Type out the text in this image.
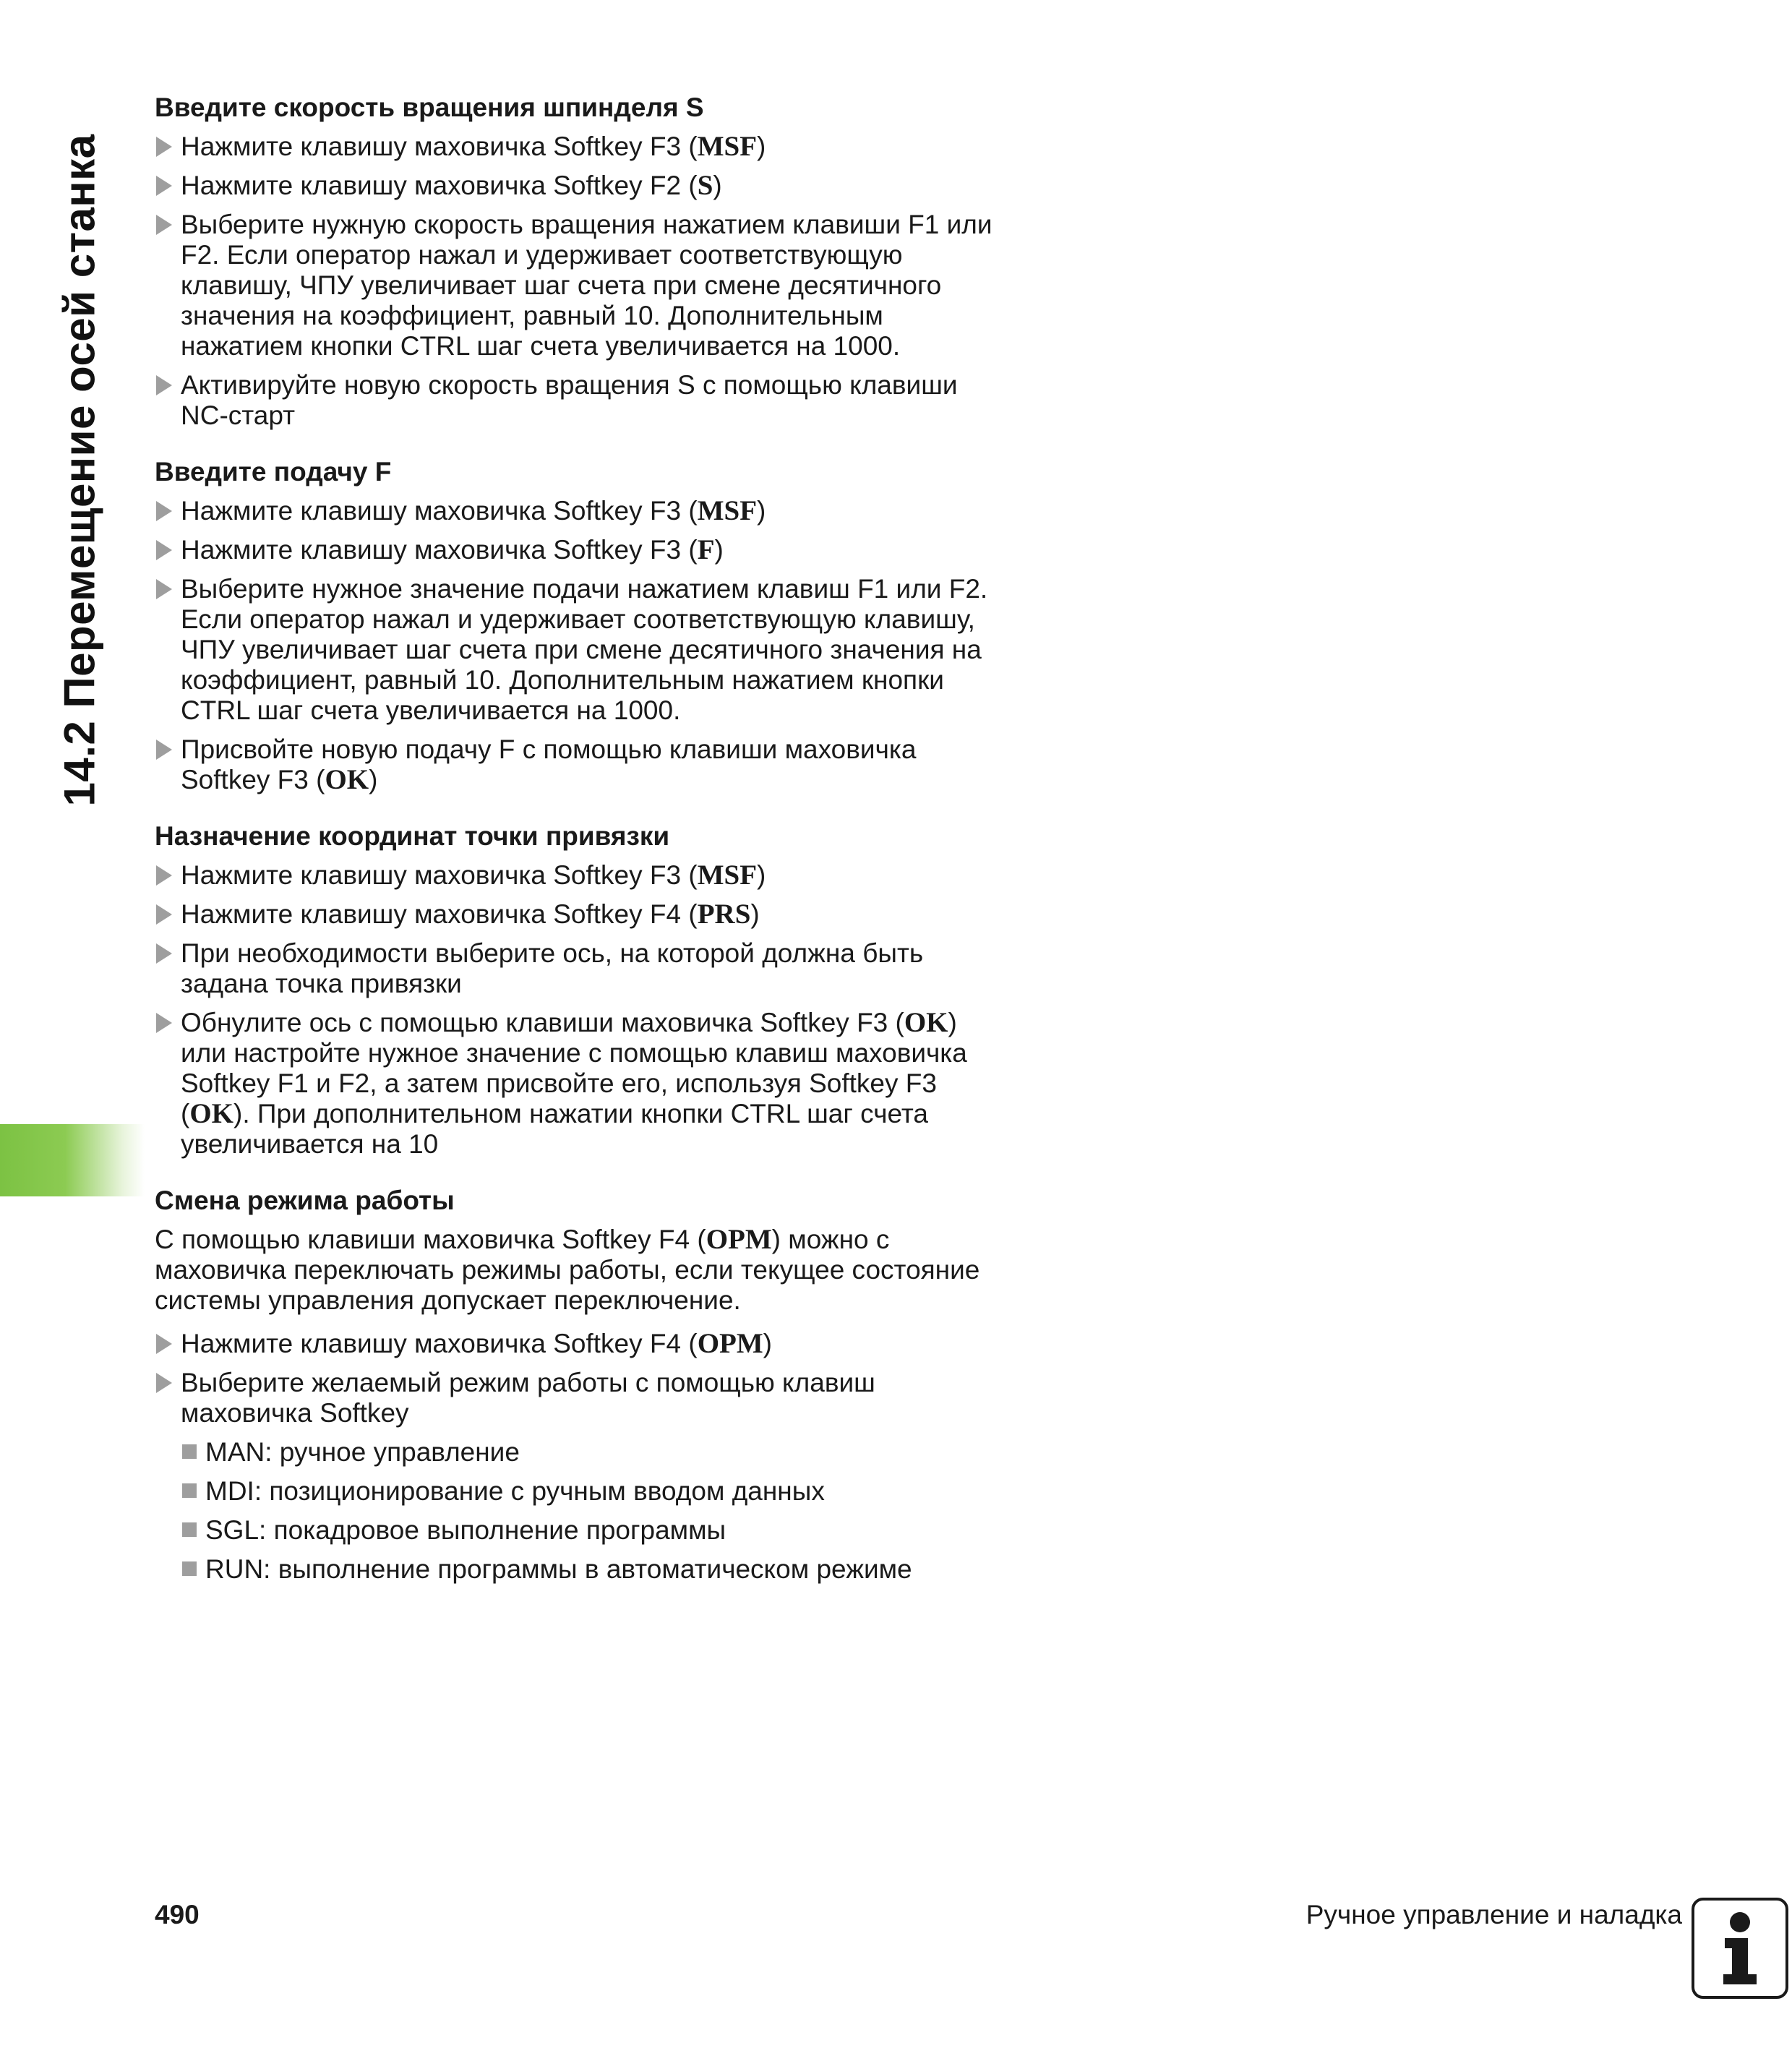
14.2 Перемещение осей станка
Введите скорость вращения шпинделя S
Нажмите клавишу маховичка Softkey F3 (MSF)
Нажмите клавишу маховичка Softkey F2 (S)
Выберите нужную скорость вращения нажатием клавиши F1 или F2. Если оператор нажал и удерживает соответствующую клавишу, ЧПУ увеличивает шаг счета при смене десятичного значения на коэффициент, равный 10. Дополнительным нажатием кнопки CTRL шаг счета увеличивается на 1000.
Активируйте новую скорость вращения S с помощью клавиши NC-старт
Введите подачу F
Нажмите клавишу маховичка Softkey F3 (MSF)
Нажмите клавишу маховичка Softkey F3 (F)
Выберите нужное значение подачи нажатием клавиш F1 или F2. Если оператор нажал и удерживает соответствующую клавишу, ЧПУ увеличивает шаг счета при смене десятичного значения на коэффициент, равный 10. Дополнительным нажатием кнопки CTRL шаг счета увеличивается на 1000.
Присвойте новую подачу F с помощью клавиши маховичка Softkey F3 (OK)
Назначение координат точки привязки
Нажмите клавишу маховичка Softkey F3 (MSF)
Нажмите клавишу маховичка Softkey F4 (PRS)
При необходимости выберите ось, на которой должна быть задана точка привязки
Обнулите ось с помощью клавиши маховичка Softkey F3 (OK) или настройте нужное значение с помощью клавиш маховичка Softkey F1 и F2, а затем присвойте его, используя Softkey F3 (OK). При дополнительном нажатии кнопки CTRL шаг счета увеличивается на 10
Смена режима работы

С помощью клавиши маховичка Softkey F4 (OPM) можно с маховичка переключать режимы работы, если текущее состояние системы управления допускает переключение.

Нажмите клавишу маховичка Softkey F4 (OPM)
Выберите желаемый режим работы с помощью клавиш маховичка Softkey
MAN: ручное управление
MDI: позиционирование с ручным вводом данных
SGL: покадровое выполнение программы
RUN: выполнение программы в автоматическом режиме
490	Ручное управление и наладка
